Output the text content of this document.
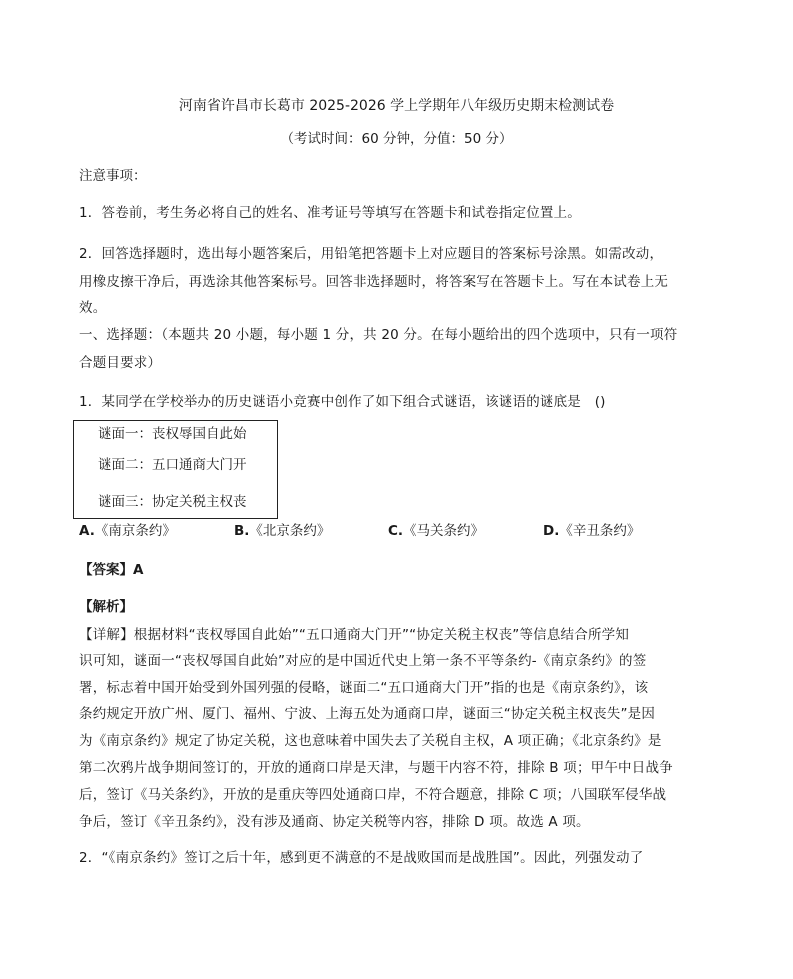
河南省许昌市长葛市 2025-2026 学上学期年八年级历史期末检测试卷
（考试时间：60 分钟，分值：50 分）
注意事项：
1．答卷前，考生务必将自己的姓名、准考证号等填写在答题卡和试卷指定位置上。
2．回答选择题时，选出每小题答案后，用铅笔把答题卡上对应题目的答案标号涂黑。如需改动，
用橡皮擦干净后，再选涂其他答案标号。回答非选择题时，将答案写在答题卡上。写在本试卷上无
效。
一、选择题：（本题共 20 小题，每小题 1 分，共 20 分。在每小题给出的四个选项中，只有一项符
合题目要求）
1．某同学在学校举办的历史谜语小竞赛中创作了如下组合式谜语，该谜语的谜底是　()
谜面一：丧权辱国自此始
谜面二：五口通商大门开
谜面三：协定关税主权丧
A.《南京条约》	B.《北京条约》	C.《马关条约》	D.《辛丑条约》
【答案】A
【解析】
【详解】根据材料“丧权辱国自此始”“五口通商大门开”“协定关税主权丧”等信息结合所学知
识可知，谜面一“丧权辱国自此始”对应的是中国近代史上第一条不平等条约-《南京条约》的签
署，标志着中国开始受到外国列强的侵略，谜面二“五口通商大门开”指的也是《南京条约》，该
条约规定开放广州、厦门、福州、宁波、上海五处为通商口岸，谜面三“协定关税主权丧失”是因
为《南京条约》规定了协定关税，这也意味着中国失去了关税自主权，A 项正确；《北京条约》是
第二次鸦片战争期间签订的，开放的通商口岸是天津，与题干内容不符，排除 B 项；甲午中日战争
后，签订《马关条约》，开放的是重庆等四处通商口岸，不符合题意，排除 C 项；八国联军侵华战
争后，签订《辛丑条约》，没有涉及通商、协定关税等内容，排除 D 项。故选 A 项。
2．“《南京条约》签订之后十年，感到更不满意的不是战败国而是战胜国”。因此，列强发动了
